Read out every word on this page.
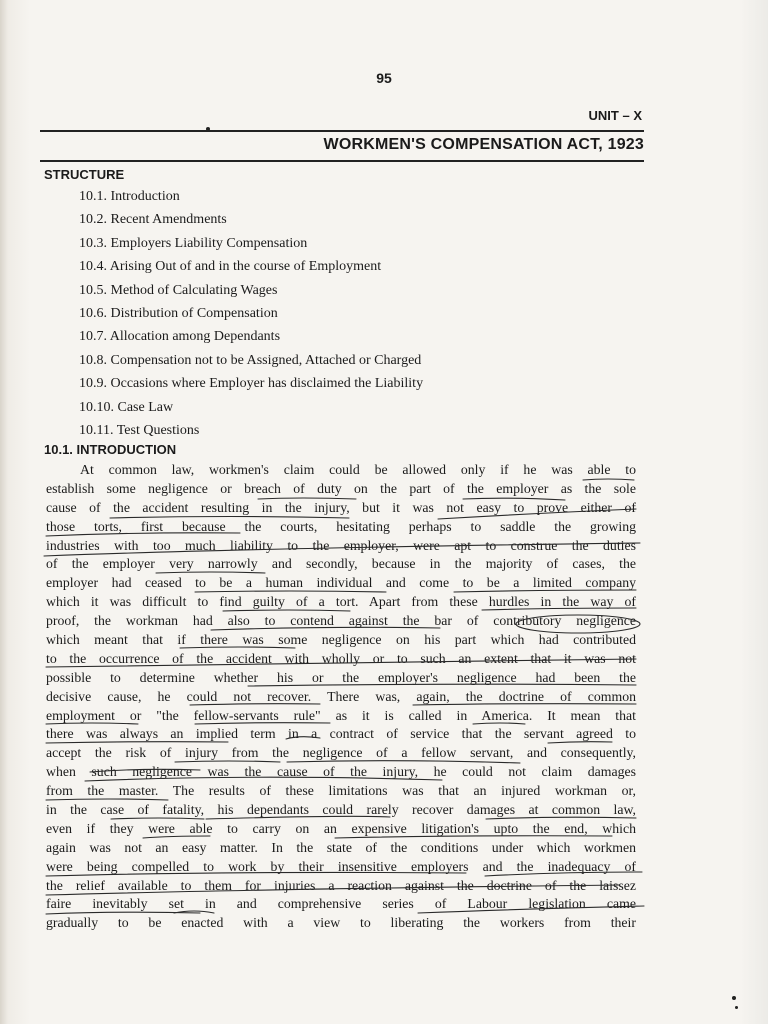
95
UNIT – X
WORKMEN'S COMPENSATION ACT, 1923
STRUCTURE
10.1. Introduction
10.2. Recent Amendments
10.3. Employers Liability Compensation
10.4. Arising Out of and in the course of Employment
10.5. Method of Calculating Wages
10.6. Distribution of Compensation
10.7. Allocation among Dependants
10.8. Compensation not to be Assigned, Attached or Charged
10.9. Occasions where Employer has disclaimed the Liability
10.10. Case Law
10.11. Test Questions
10.1. INTRODUCTION
At common law, workmen's claim could be allowed only if he was able to
establish some negligence or breach of duty on the part of the employer as the sole
cause of the accident resulting in the injury, but it was not easy to prove either of
those torts, first because the courts, hesitating perhaps to saddle the growing
industries with too much liability to the employer, were apt to construe the duties
of the employer very narrowly and secondly, because in the majority of cases, the
employer had ceased to be a human individual and come to be a limited company
which it was difficult to find guilty of a tort. Apart from these hurdles in the way of
proof, the workman had also to contend against the bar of contributory negligence
which meant that if there was some negligence on his part which had contributed
to the occurrence of the accident with wholly or to such an extent that it was not
possible to determine whether his or the employer's negligence had been the
decisive cause, he could not recover. There was, again, the doctrine of common
employment or "the fellow-servants rule" as it is called in America. It mean that
there was always an implied term in a contract of service that the servant agreed to
accept the risk of injury from the negligence of a fellow servant, and consequently,
when such negligence was the cause of the injury, he could not claim damages
from the master. The results of these limitations was that an injured workman or,
in the case of fatality, his dependants could rarely recover damages at common law,
even if they were able to carry on an expensive litigation's upto the end, which
again was not an easy matter. In the state of the conditions under which workmen
were being compelled to work by their insensitive employers and the inadequacy of
the relief available to them for injuries a reaction against the doctrine of the laissez
faire inevitably set in and comprehensive series of Labour legislation came
gradually to be enacted with a view to liberating the workers from their
